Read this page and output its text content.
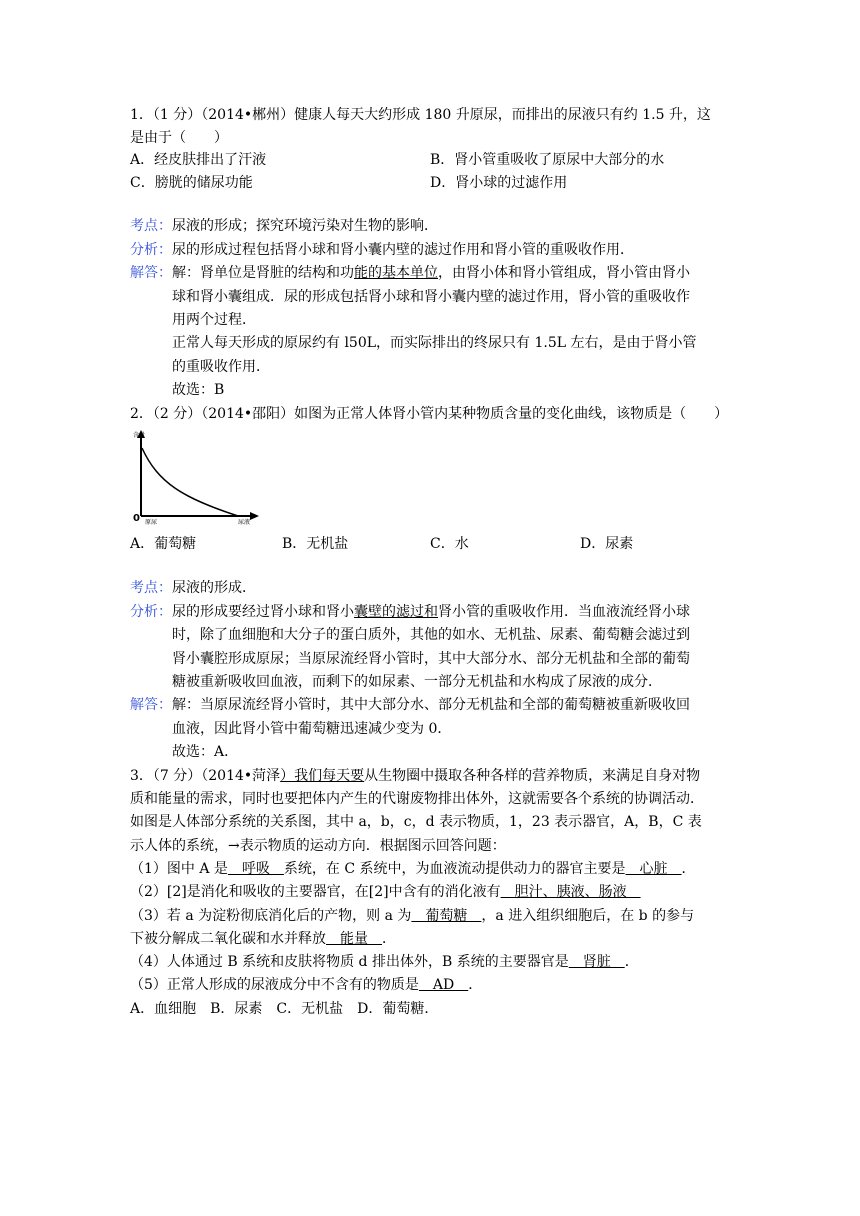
1．（1 分）（2014•郴州）健康人每天大约形成 180 升原尿，而排出的尿液只有约 1.5 升，这
是由于（　　）
A．经皮肤排出了汗液	B．肾小管重吸收了原尿中大部分的水
C．膀胱的储尿功能	D．肾小球的过滤作用
考点：尿液的形成；探究环境污染对生物的影响．
分析：尿的形成过程包括肾小球和肾小囊内壁的滤过作用和肾小管的重吸收作用．
解答：解：肾单位是肾脏的结构和功能的基本单位，由肾小体和肾小管组成，肾小管由肾小
球和肾小囊组成．尿的形成包括肾小球和肾小囊内壁的滤过作用，肾小管的重吸收作
用两个过程．
正常人每天形成的原尿约有 l50L，而实际排出的终尿只有 1.5L 左右，是由于肾小管
的重吸收作用．
故选：B
2．（2 分）（2014•邵阳）如图为正常人体肾小管内某种物质含量的变化曲线，该物质是（　　）
含量
0 原尿	尿液
A．葡萄糖	B．无机盐	C．水	D．尿素
考点：尿液的形成．
分析：尿的形成要经过肾小球和肾小囊壁的滤过和肾小管的重吸收作用．当血液流经肾小球
时，除了血细胞和大分子的蛋白质外，其他的如水、无机盐、尿素、葡萄糖会滤过到
肾小囊腔形成原尿；当原尿流经肾小管时，其中大部分水、部分无机盐和全部的葡萄
糖被重新吸收回血液，而剩下的如尿素、一部分无机盐和水构成了尿液的成分．
解答：解：当原尿流经肾小管时，其中大部分水、部分无机盐和全部的葡萄糖被重新吸收回
血液，因此肾小管中葡萄糖迅速减少变为 0．
故选：A．
3．（7 分）（2014•菏泽）我们每天要从生物圈中摄取各种各样的营养物质，来满足自身对物
质和能量的需求，同时也要把体内产生的代谢废物排出体外，这就需要各个系统的协调活动．
如图是人体部分系统的关系图，其中 a，b，c，d 表示物质，1，23 表示器官，A，B，C 表
示人体的系统，→表示物质的运动方向．根据图示回答问题：
（1）图中 A 是　呼吸　系统，在 C 系统中，为血液流动提供动力的器官主要是　心脏　．
（2）[2]是消化和吸收的主要器官，在[2]中含有的消化液有　胆汁、胰液、肠液　
（3）若 a 为淀粉彻底消化后的产物，则 a 为　葡萄糖　，a 进入组织细胞后，在 b 的参与
下被分解成二氧化碳和水并释放　能量　．
（4）人体通过 B 系统和皮肤将物质 d 排出体外，B 系统的主要器官是　肾脏　．
（5）正常人形成的尿液成分中不含有的物质是　AD　．
A．血细胞　B．尿素　C．无机盐　D．葡萄糖．
